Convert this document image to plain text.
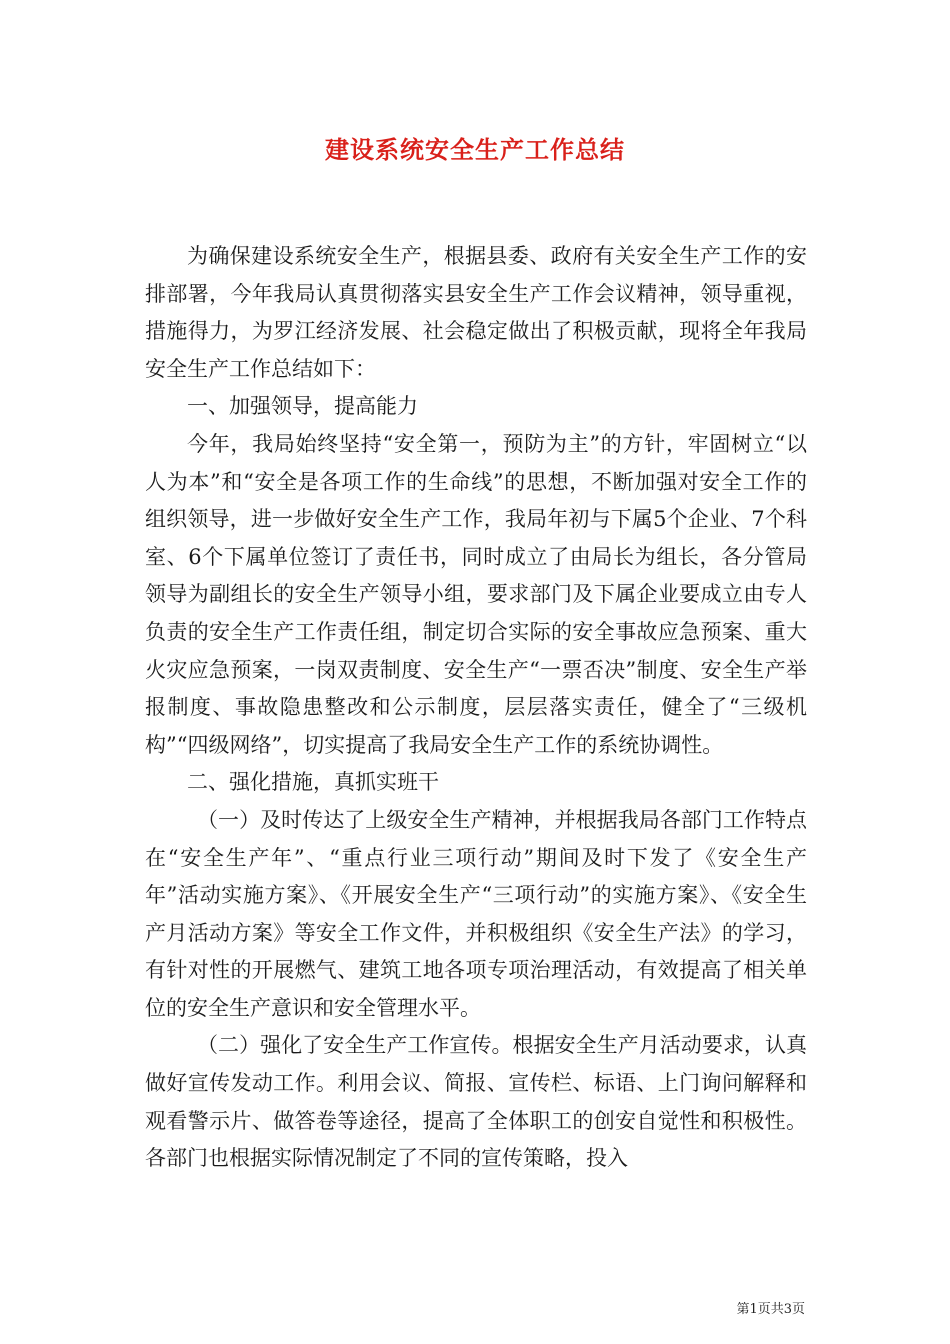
建设系统安全生产工作总结

为确保建设系统安全生产，根据县委、政府有关安全生产工作的安排部署，今年我局认真贯彻落实县安全生产工作会议精神，领导重视，措施得力，为罗江经济发展、社会稳定做出了积极贡献，现将全年我局安全生产工作总结如下：

一、加强领导，提高能力

今年，我局始终坚持“安全第一，预防为主”的方针，牢固树立“以人为本”和“安全是各项工作的生命线”的思想，不断加强对安全工作的组织领导，进一步做好安全生产工作，我局年初与下属5个企业、7个科室、6个下属单位签订了责任书，同时成立了由局长为组长，各分管局领导为副组长的安全生产领导小组，要求部门及下属企业要成立由专人负责的安全生产工作责任组，制定切合实际的安全事故应急预案、重大火灾应急预案，一岗双责制度、安全生产“一票否决”制度、安全生产举报制度、事故隐患整改和公示制度，层层落实责任，健全了“三级机构”“四级网络”，切实提高了我局安全生产工作的系统协调性。

二、强化措施，真抓实班干

（一）及时传达了上级安全生产精神，并根据我局各部门工作特点在“安全生产年”、“重点行业三项行动”期间及时下发了《安全生产年”活动实施方案》、《开展安全生产“三项行动”的实施方案》、《安全生产月活动方案》等安全工作文件，并积极组织《安全生产法》的学习，有针对性的开展燃气、建筑工地各项专项治理活动，有效提高了相关单位的安全生产意识和安全管理水平。

（二）强化了安全生产工作宣传。根据安全生产月活动要求，认真做好宣传发动工作。利用会议、简报、宣传栏、标语、上门询问解释和观看警示片、做答卷等途径，提高了全体职工的创安自觉性和积极性。各部门也根据实际情况制定了不同的宣传策略，投入

第1页共3页
